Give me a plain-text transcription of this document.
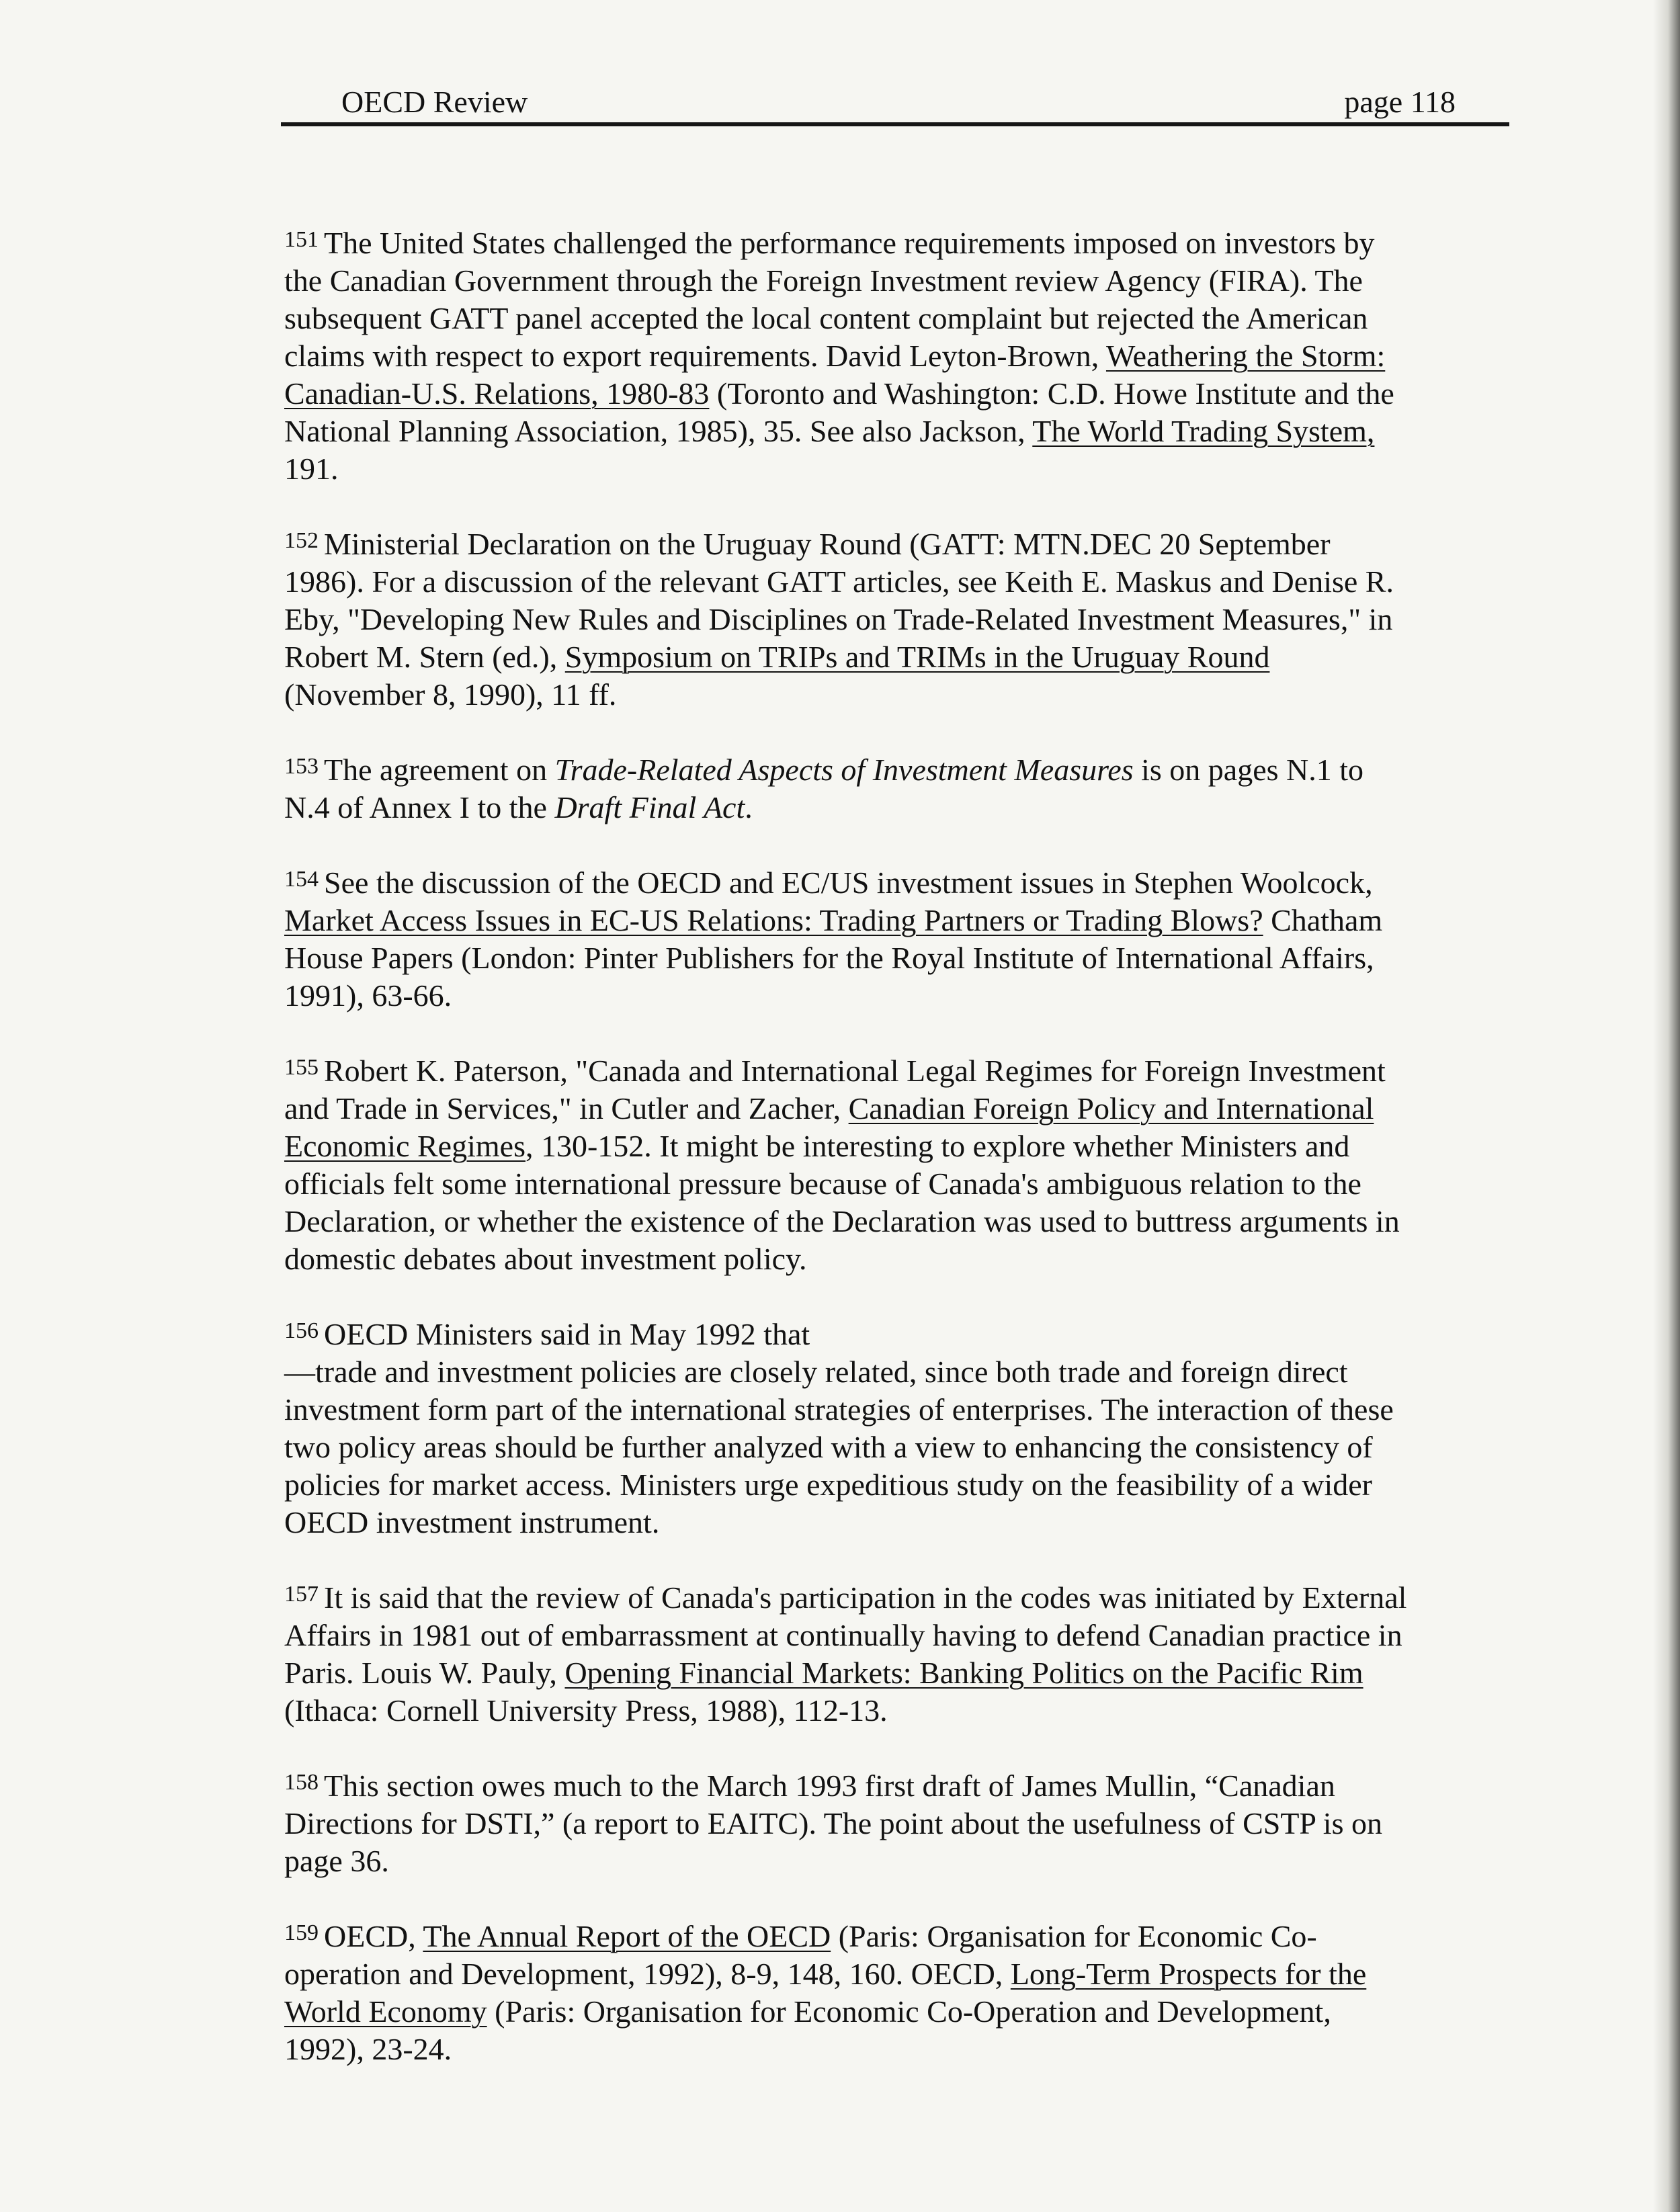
OECD Review	page 118

$^{151}$ The United States challenged the performance requirements imposed on investors by
the Canadian Government through the Foreign Investment review Agency (FIRA). The
subsequent GATT panel accepted the local content complaint but rejected the American
claims with respect to export requirements. David Leyton-Brown, Weathering the Storm:
Canadian-U.S. Relations, 1980-83 (Toronto and Washington: C.D. Howe Institute and the
National Planning Association, 1985), 35. See also Jackson, The World Trading System,
191.

$^{152}$ Ministerial Declaration on the Uruguay Round (GATT: MTN.DEC 20 September
1986). For a discussion of the relevant GATT articles, see Keith E. Maskus and Denise R.
Eby, "Developing New Rules and Disciplines on Trade-Related Investment Measures," in
Robert M. Stern (ed.), Symposium on TRIPs and TRIMs in the Uruguay Round
(November 8, 1990), 11 ff.

$^{153}$ The agreement on Trade-Related Aspects of Investment Measures is on pages N.1 to
N.4 of Annex I to the Draft Final Act.

$^{154}$ See the discussion of the OECD and EC/US investment issues in Stephen Woolcock,
Market Access Issues in EC-US Relations: Trading Partners or Trading Blows? Chatham
House Papers (London: Pinter Publishers for the Royal Institute of International Affairs,
1991), 63-66.

$^{155}$ Robert K. Paterson, "Canada and International Legal Regimes for Foreign Investment
and Trade in Services," in Cutler and Zacher, Canadian Foreign Policy and International
Economic Regimes, 130-152. It might be interesting to explore whether Ministers and
officials felt some international pressure because of Canada's ambiguous relation to the
Declaration, or whether the existence of the Declaration was used to buttress arguments in
domestic debates about investment policy.

$^{156}$ OECD Ministers said in May 1992 that
—trade and investment policies are closely related, since both trade and foreign direct
investment form part of the international strategies of enterprises. The interaction of these
two policy areas should be further analyzed with a view to enhancing the consistency of
policies for market access. Ministers urge expeditious study on the feasibility of a wider
OECD investment instrument.

$^{157}$ It is said that the review of Canada's participation in the codes was initiated by External
Affairs in 1981 out of embarrassment at continually having to defend Canadian practice in
Paris. Louis W. Pauly, Opening Financial Markets: Banking Politics on the Pacific Rim
(Ithaca: Cornell University Press, 1988), 112-13.

$^{158}$ This section owes much to the March 1993 first draft of James Mullin, “Canadian
Directions for DSTI,” (a report to EAITC). The point about the usefulness of CSTP is on
page 36.

$^{159}$ OECD, The Annual Report of the OECD (Paris: Organisation for Economic Co-
operation and Development, 1992), 8-9, 148, 160. OECD, Long-Term Prospects for the
World Economy (Paris: Organisation for Economic Co-Operation and Development,
1992), 23-24.
